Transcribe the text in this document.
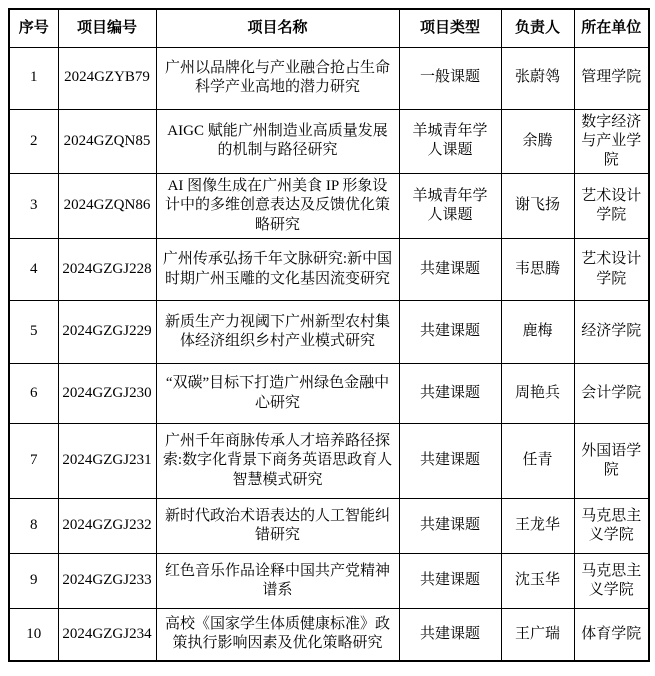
序号	项目编号	项目名称	项目类型	负责人	所在单位
1	2024GZYB79	广州以品牌化与产业融合抢占生命科学产业高地的潜力研究	一般课题	张蔚鸰	管理学院
2	2024GZQN85	AIGC 赋能广州制造业高质量发展的机制与路径研究	羊城青年学人课题	余腾	数字经济与产业学院
3	2024GZQN86	AI 图像生成在广州美食 IP 形象设计中的多维创意表达及反馈优化策略研究	羊城青年学人课题	谢飞扬	艺术设计学院
4	2024GZGJ228	广州传承弘扬千年文脉研究:新中国时期广州玉雕的文化基因流变研究	共建课题	韦思腾	艺术设计学院
5	2024GZGJ229	新质生产力视阈下广州新型农村集体经济组织乡村产业模式研究	共建课题	鹿梅	经济学院
6	2024GZGJ230	“双碳”目标下打造广州绿色金融中心研究	共建课题	周艳兵	会计学院
7	2024GZGJ231	广州千年商脉传承人才培养路径探索:数字化背景下商务英语思政育人智慧模式研究	共建课题	任青	外国语学院
8	2024GZGJ232	新时代政治术语表达的人工智能纠错研究	共建课题	王龙华	马克思主义学院
9	2024GZGJ233	红色音乐作品诠释中国共产党精神谱系	共建课题	沈玉华	马克思主义学院
10	2024GZGJ234	高校《国家学生体质健康标准》政策执行影响因素及优化策略研究	共建课题	王广瑞	体育学院
